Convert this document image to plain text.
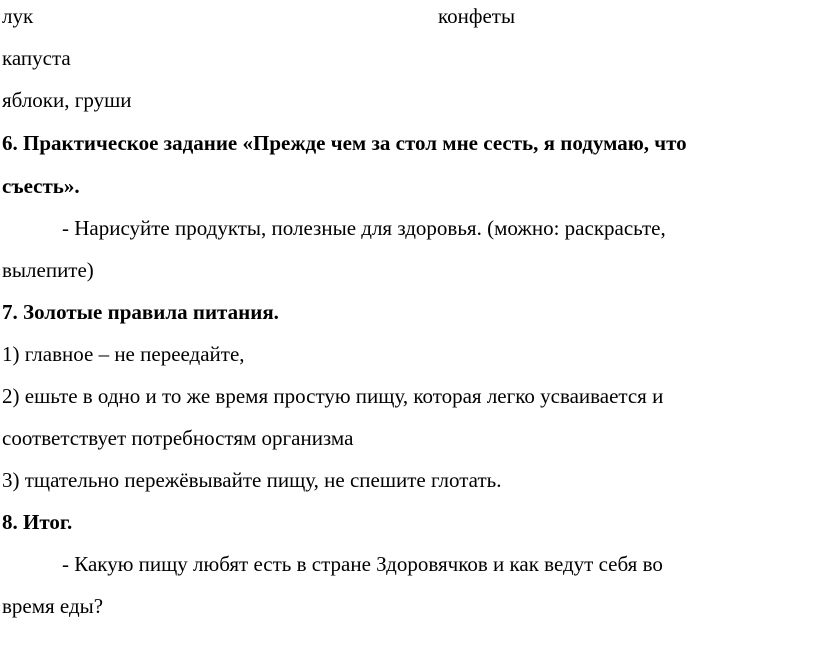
лук	конфеты
капуста
яблоки, груши
6. Практическое задание «Прежде чем за стол мне сесть, я подумаю, что
съесть».
- Нарисуйте продукты, полезные для здоровья. (можно: раскрасьте,
вылепите)
7. Золотые правила питания.
1) главное – не переедайте,
2) ешьте в одно и то же время простую пищу, которая легко усваивается и
соответствует потребностям организма
3) тщательно пережёвывайте пищу, не спешите глотать.
8. Итог.
- Какую пищу любят есть в стране Здоровячков и как ведут себя во
время еды?
